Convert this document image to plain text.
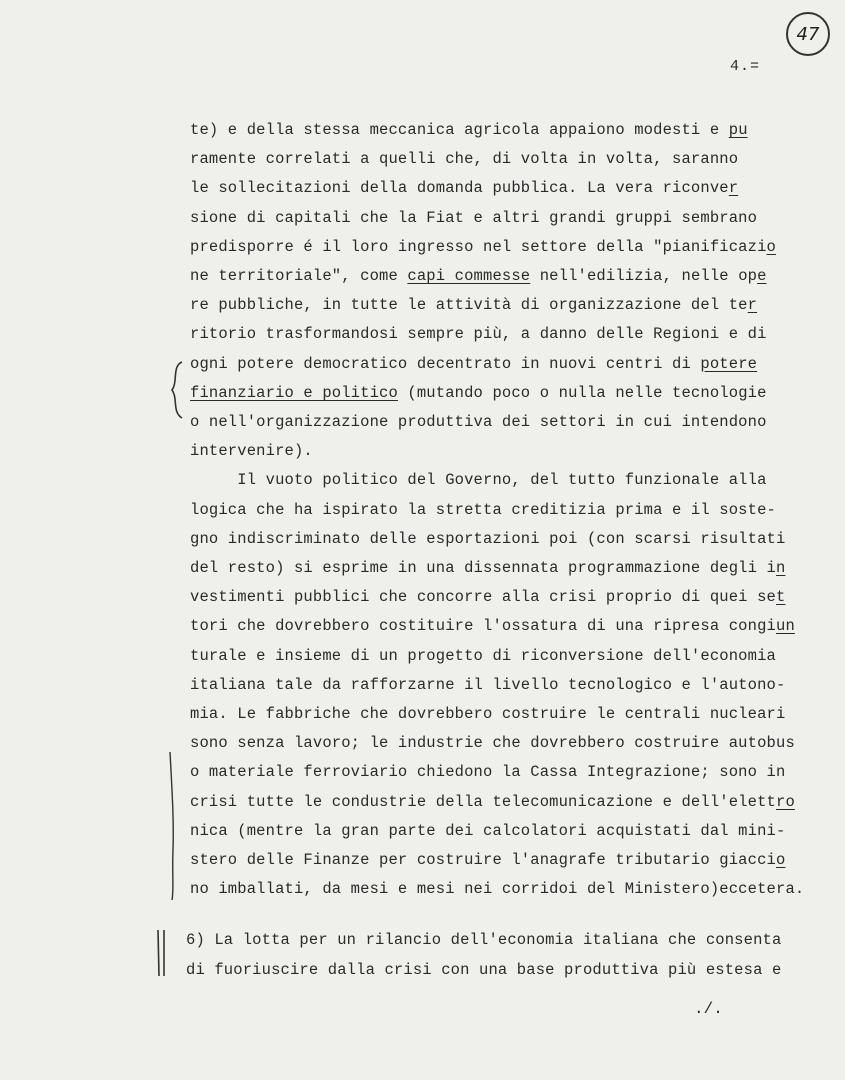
47
4.=
te) e della stessa meccanica agricola appaiono modesti e pu
ramente correlati a quelli che, di volta in volta, saranno
le sollecitazioni della domanda pubblica. La vera riconver
sione di capitali che la Fiat e altri grandi gruppi sembrano
predisporre é il loro ingresso nel settore della "pianificazio
ne territoriale", come capi commesse nell'edilizia, nelle ope
re pubbliche, in tutte le attività di organizzazione del ter
ritorio trasformandosi sempre più, a danno delle Regioni e di
ogni potere democratico decentrato in nuovi centri di potere
finanziario e politico (mutando poco o nulla nelle tecnologie
o nell'organizzazione produttiva dei settori in cui intendono
intervenire).
Il vuoto politico del Governo, del tutto funzionale alla
logica che ha ispirato la stretta creditizia prima e il soste-
gno indiscriminato delle esportazioni poi (con scarsi risultati
del resto) si esprime in una dissennata programmazione degli in
vestimenti pubblici che concorre alla crisi proprio di quei set
tori che dovrebbero costituire l'ossatura di una ripresa congiun
turale e insieme di un progetto di riconversione dell'economia
italiana tale da rafforzarne il livello tecnologico e l'autono-
mia. Le fabbriche che dovrebbero costruire le centrali nucleari
sono senza lavoro; le industrie che dovrebbero costruire autobus
o materiale ferroviario chiedono la Cassa Integrazione; sono in
crisi tutte le condustrie della telecomunicazione e dell'elettro
nica (mentre la gran parte dei calcolatori acquistati dal mini-
stero delle Finanze per costruire l'anagrafe tributario giaccio
no imballati, da mesi e mesi nei corridoi del Ministero)eccetera.
6) La lotta per un rilancio dell'economia italiana che consenta
di fuoriuscire dalla crisi con una base produttiva più estesa e
./.
